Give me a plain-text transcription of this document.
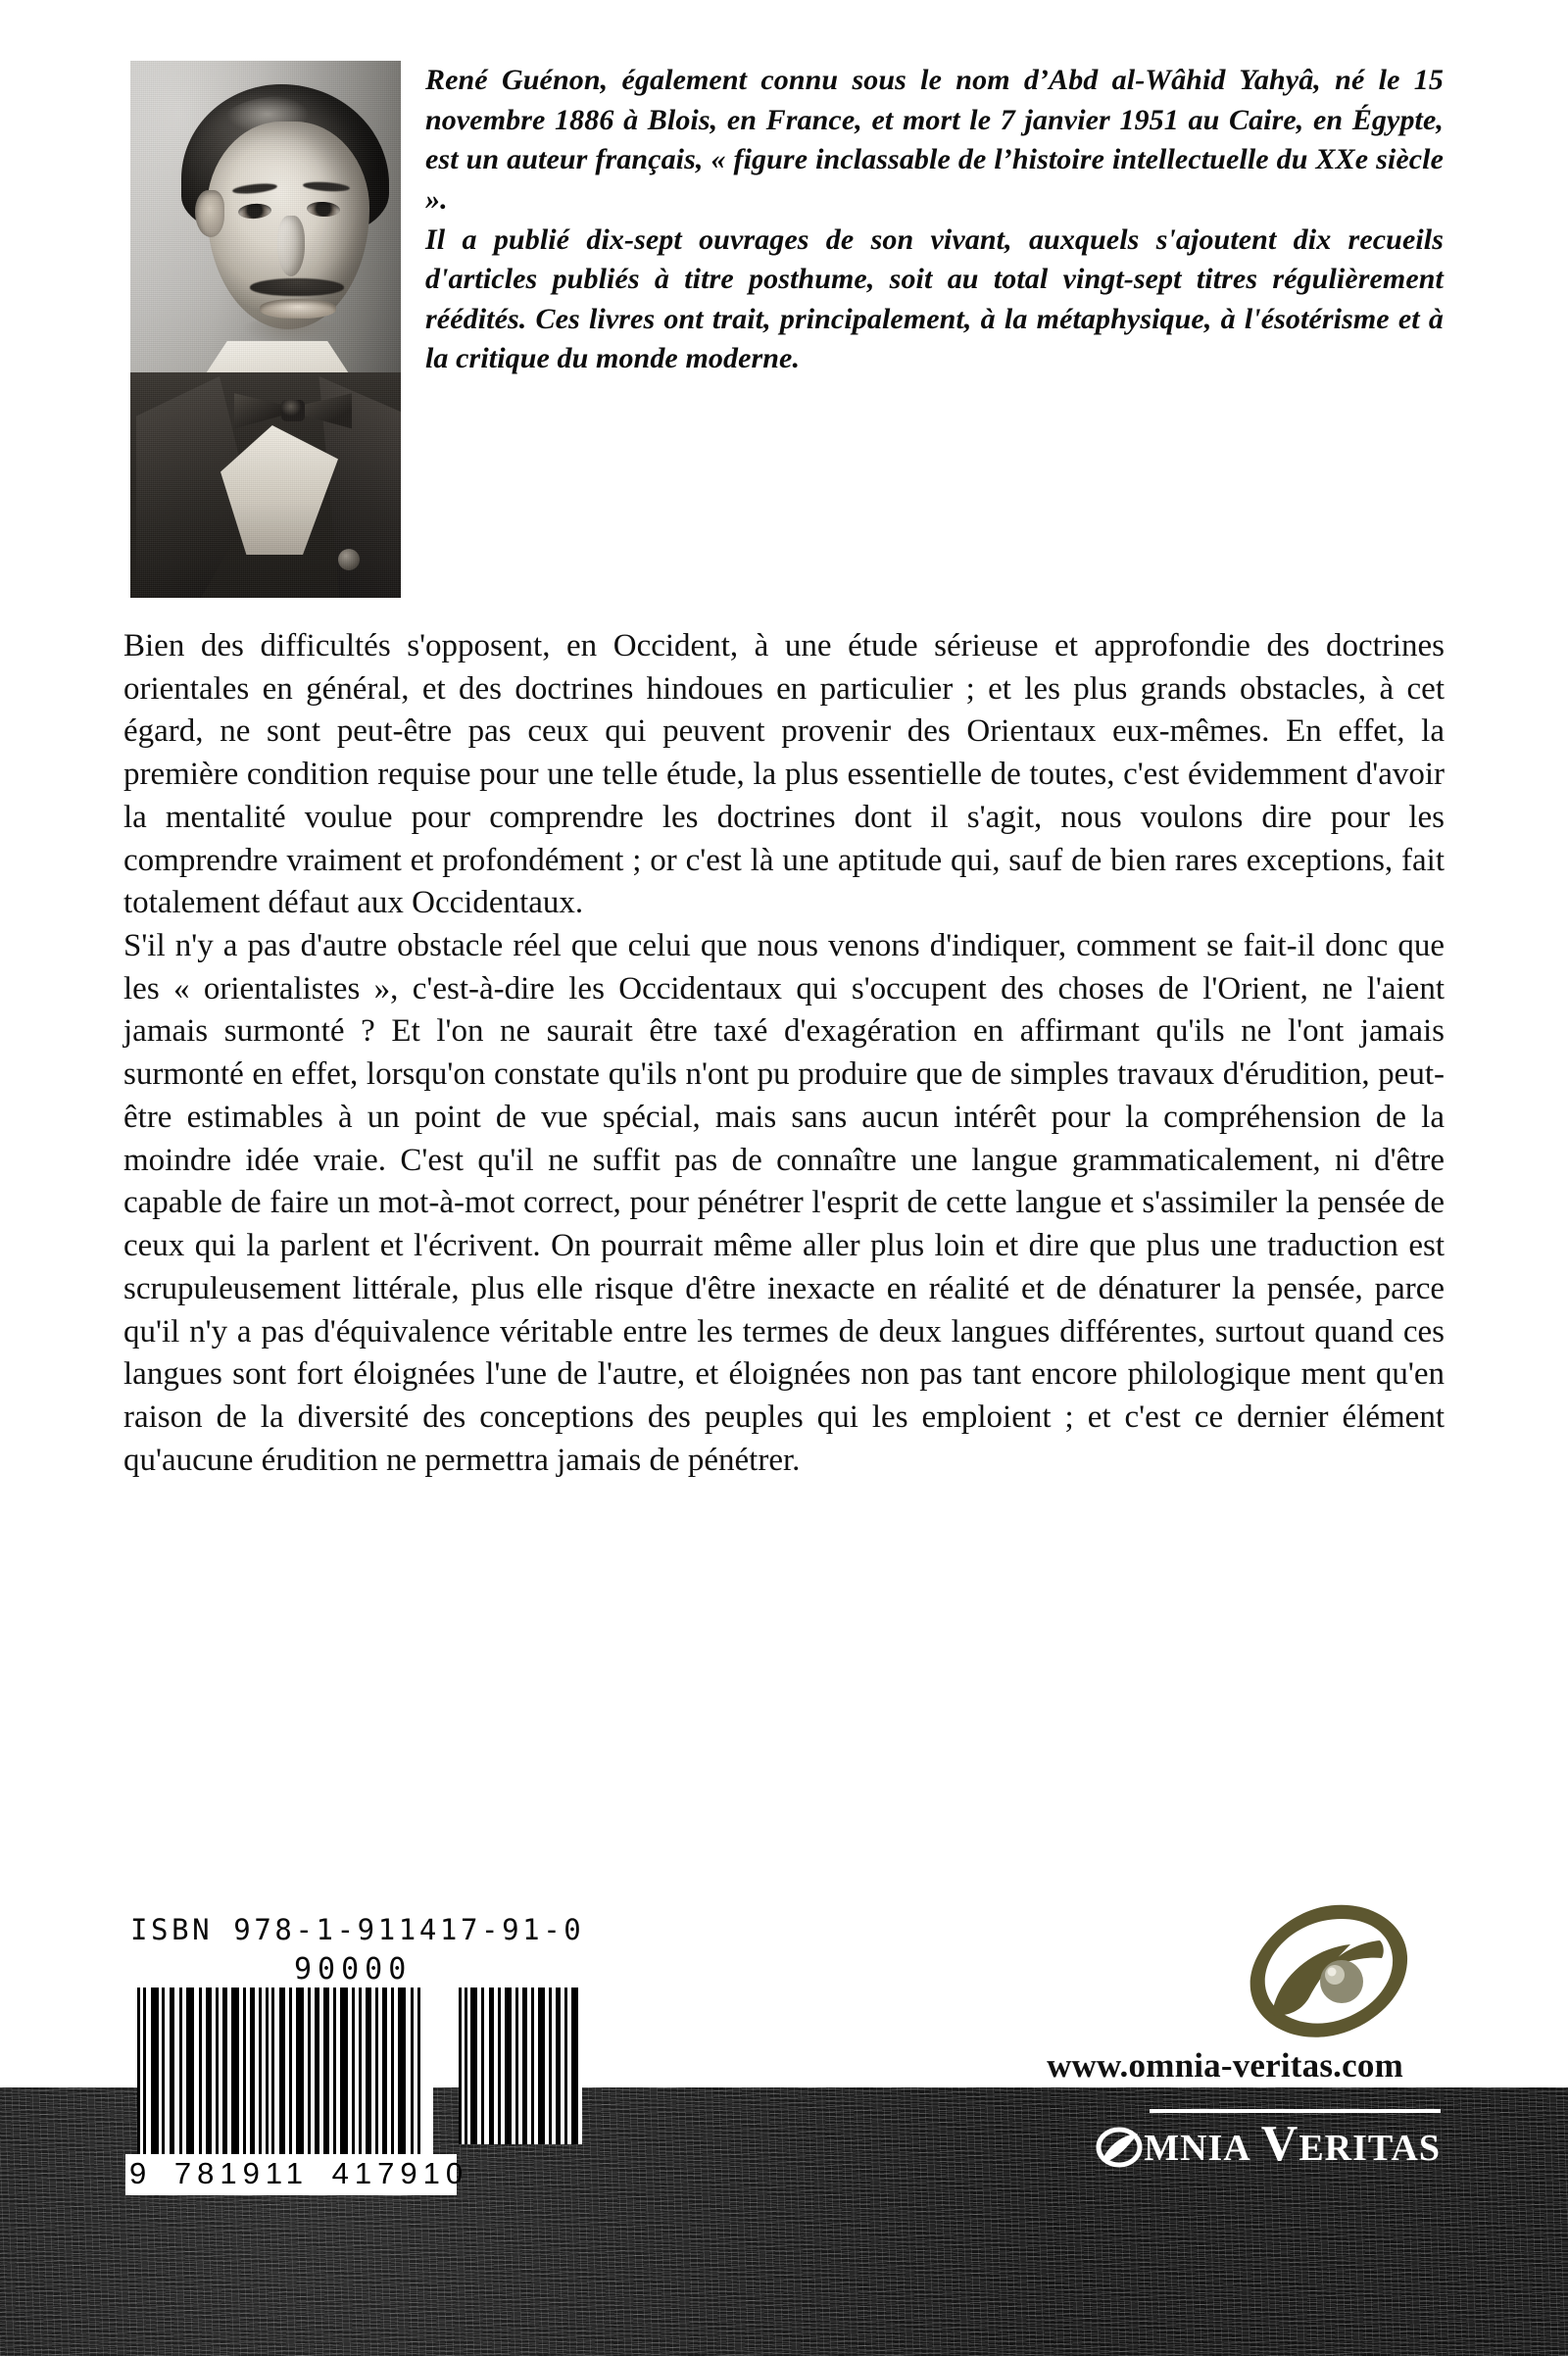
René Guénon, également connu sous le nom d’Abd al-Wâhid Yahyâ, né le 15 novembre 1886 à Blois, en France, et mort le 7 janvier 1951 au Caire, en Égypte, est un auteur français, « figure inclassable de l’histoire intellectuelle du XXe siècle ».

Il a publié dix-sept ouvrages de son vivant, auxquels s'ajoutent dix recueils d'articles publiés à titre posthume, soit au total vingt-sept titres régulièrement réédités. Ces livres ont trait, principalement, à la métaphysique, à l'ésotérisme et à la critique du monde moderne.

Bien des difficultés s'opposent, en Occident, à une étude sérieuse et approfondie des doctrines orientales en général, et des doctrines hindoues en particulier ; et les plus grands obstacles, à cet égard, ne sont peut-être pas ceux qui peuvent provenir des Orientaux eux-mêmes. En effet, la première condition requise pour une telle étude, la plus essentielle de toutes, c'est évidemment d'avoir la mentalité voulue pour comprendre les doctrines dont il s'agit, nous voulons dire pour les comprendre vraiment et profondément ; or c'est là une aptitude qui, sauf de bien rares exceptions, fait totalement défaut aux Occidentaux.

S'il n'y a pas d'autre obstacle réel que celui que nous venons d'indiquer, comment se fait-il donc que les « orientalistes », c'est-à-dire les Occidentaux qui s'occupent des choses de l'Orient, ne l'aient jamais surmonté ? Et l'on ne saurait être taxé d'exagération en affirmant qu'ils ne l'ont jamais surmonté en effet, lorsqu'on constate qu'ils n'ont pu produire que de simples travaux d'érudition, peut-être estimables à un point de vue spécial, mais sans aucun intérêt pour la compréhension de la moindre idée vraie. C'est qu'il ne suffit pas de connaître une langue grammaticalement, ni d'être capable de faire un mot-à-mot correct, pour pénétrer l'esprit de cette langue et s'assimiler la pensée de ceux qui la parlent et l'écrivent. On pourrait même aller plus loin et dire que plus une traduction est scrupuleusement littérale, plus elle risque d'être inexacte en réalité et de dénaturer la pensée, parce qu'il n'y a pas d'équivalence véritable entre les termes de deux langues différentes, surtout quand ces langues sont fort éloignées l'une de l'autre, et éloignées non pas tant encore philologique ment qu'en raison de la diversité des conceptions des peuples qui les emploient ; et c'est ce dernier élément qu'aucune érudition ne permettra jamais de pénétrer.

ISBN 978-1-911417-91-0
90000
9 781911 417910
www.omnia-veritas.com
MNIA VERITAS
